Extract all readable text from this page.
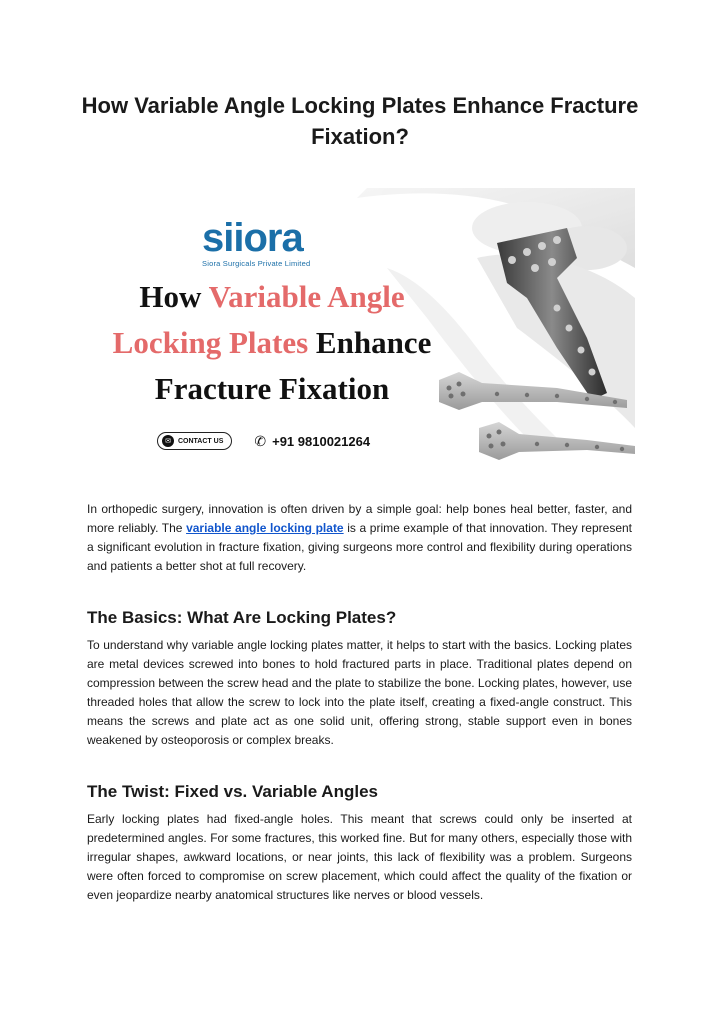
How Variable Angle Locking Plates Enhance Fracture Fixation?
siiora
Siora Surgicals Private Limited
How Variable Angle
Locking Plates Enhance
Fracture Fixation
✉	CONTACT US ✆ +91 9810021264

In orthopedic surgery, innovation is often driven by a simple goal: help bones heal better, faster, and more reliably. The variable angle locking plate is a prime example of that innovation. They represent a significant evolution in fracture fixation, giving surgeons more control and flexibility during operations and patients a better shot at full recovery.

The Basics: What Are Locking Plates?

To understand why variable angle locking plates matter, it helps to start with the basics. Locking plates are metal devices screwed into bones to hold fractured parts in place. Traditional plates depend on compression between the screw head and the plate to stabilize the bone. Locking plates, however, use threaded holes that allow the screw to lock into the plate itself, creating a fixed-angle construct. This means the screws and plate act as one solid unit, offering strong, stable support even in bones weakened by osteoporosis or complex breaks.

The Twist: Fixed vs. Variable Angles

Early locking plates had fixed-angle holes. This meant that screws could only be inserted at predetermined angles. For some fractures, this worked fine. But for many others, especially those with irregular shapes, awkward locations, or near joints, this lack of flexibility was a problem. Surgeons were often forced to compromise on screw placement, which could affect the quality of the fixation or even jeopardize nearby anatomical structures like nerves or blood vessels.
